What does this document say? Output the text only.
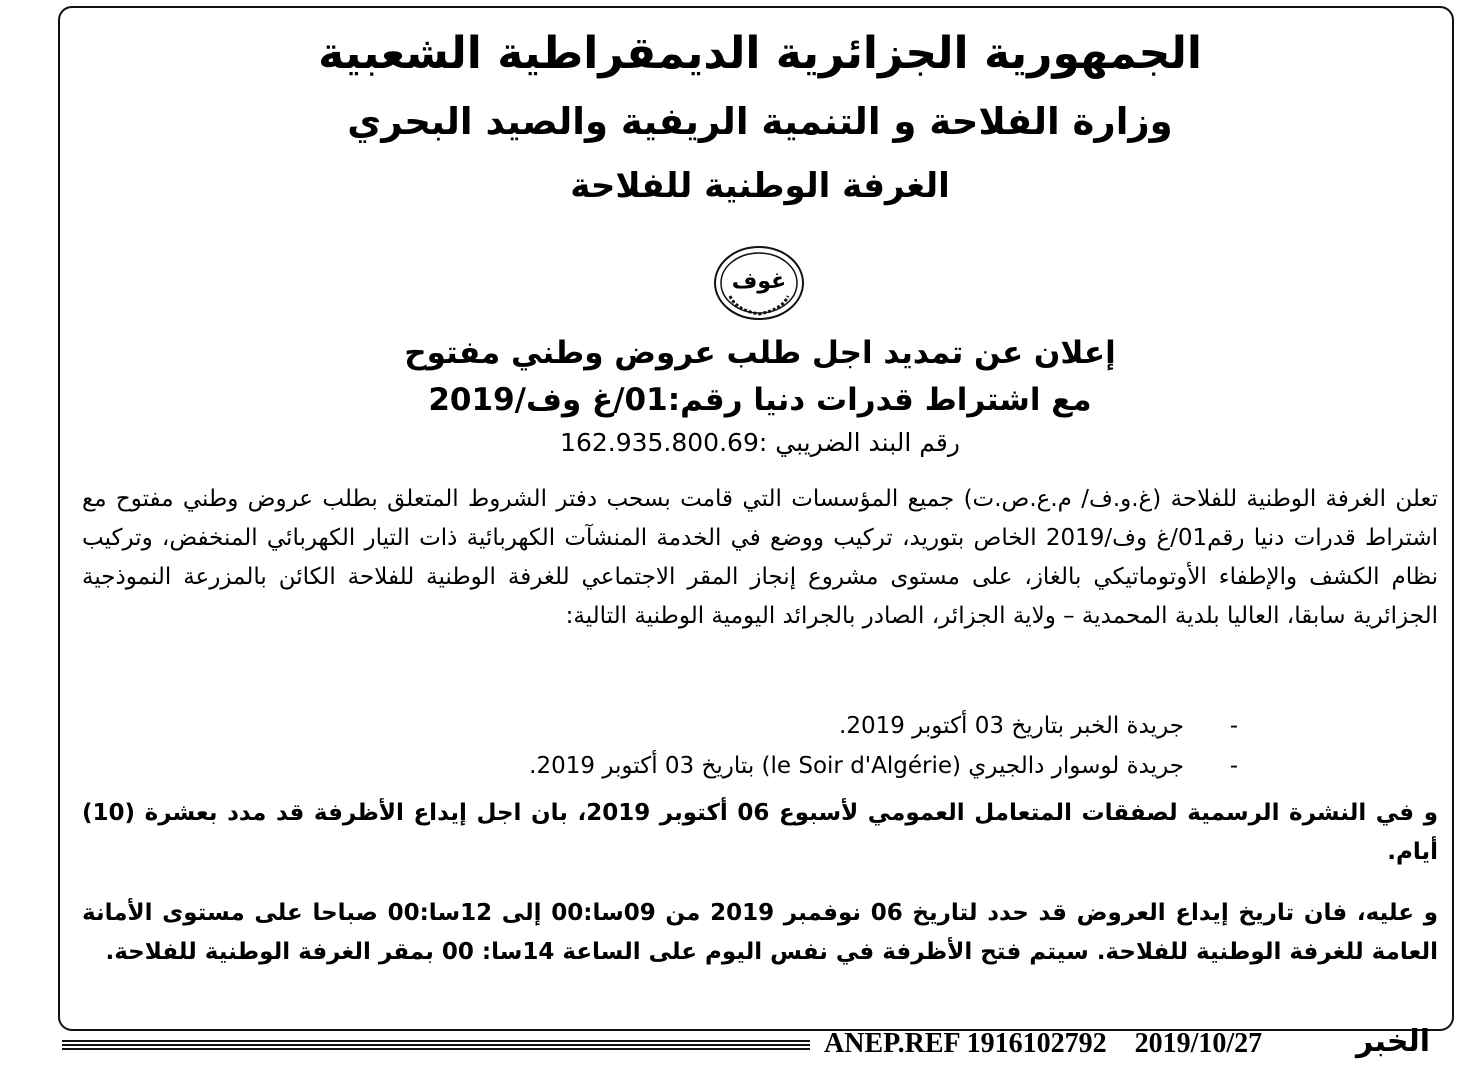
الجمهورية الجزائرية الديمقراطية الشعبية
وزارة الفلاحة و التنمية الريفية والصيد البحري
الغرفة الوطنية للفلاحة
غوف
إعلان عن تمديد اجل طلب عروض وطني مفتوح
مع اشتراط قدرات دنيا رقم:01/غ وف/2019
رقم البند الضريبي :162.935.800.69
تعلن الغرفة الوطنية للفلاحة (غ.و.ف/ م.ع.ص.ت) جميع المؤسسات التي قامت بسحب دفتر الشروط المتعلق بطلب عروض وطني مفتوح مع اشتراط قدرات دنيا رقم01/غ وف/2019 الخاص بتوريد، تركيب ووضع في الخدمة المنشآت الكهربائية ذات التيار الكهربائي المنخفض، وتركيب نظام الكشف والإطفاء الأوتوماتيكي بالغاز، على مستوى مشروع إنجاز المقر الاجتماعي للغرفة الوطنية للفلاحة الكائن بالمزرعة النموذجية الجزائرية سابقا، العاليا بلدية المحمدية – ولاية الجزائر، الصادر بالجرائد اليومية الوطنية التالية:
-جريدة الخبر بتاريخ 03 أكتوبر 2019.
-جريدة لوسوار دالجيري (le Soir d'Algérie) بتاريخ 03 أكتوبر 2019.
و في النشرة الرسمية لصفقات المتعامل العمومي لأسبوع 06 أكتوبر 2019، بان اجل إيداع الأظرفة قد مدد بعشرة (10) أيام.
و عليه، فان تاريخ إيداع العروض قد حدد لتاريخ 06 نوفمبر 2019 من 09سا:00 إلى 12سا:00 صباحا على مستوى الأمانة العامة للغرفة الوطنية للفلاحة. سيتم فتح الأظرفة في نفس اليوم على الساعة 14سا: 00 بمقر الغرفة الوطنية للفلاحة.
ANEP.REF 1916102792 2019/10/27	الخبر
